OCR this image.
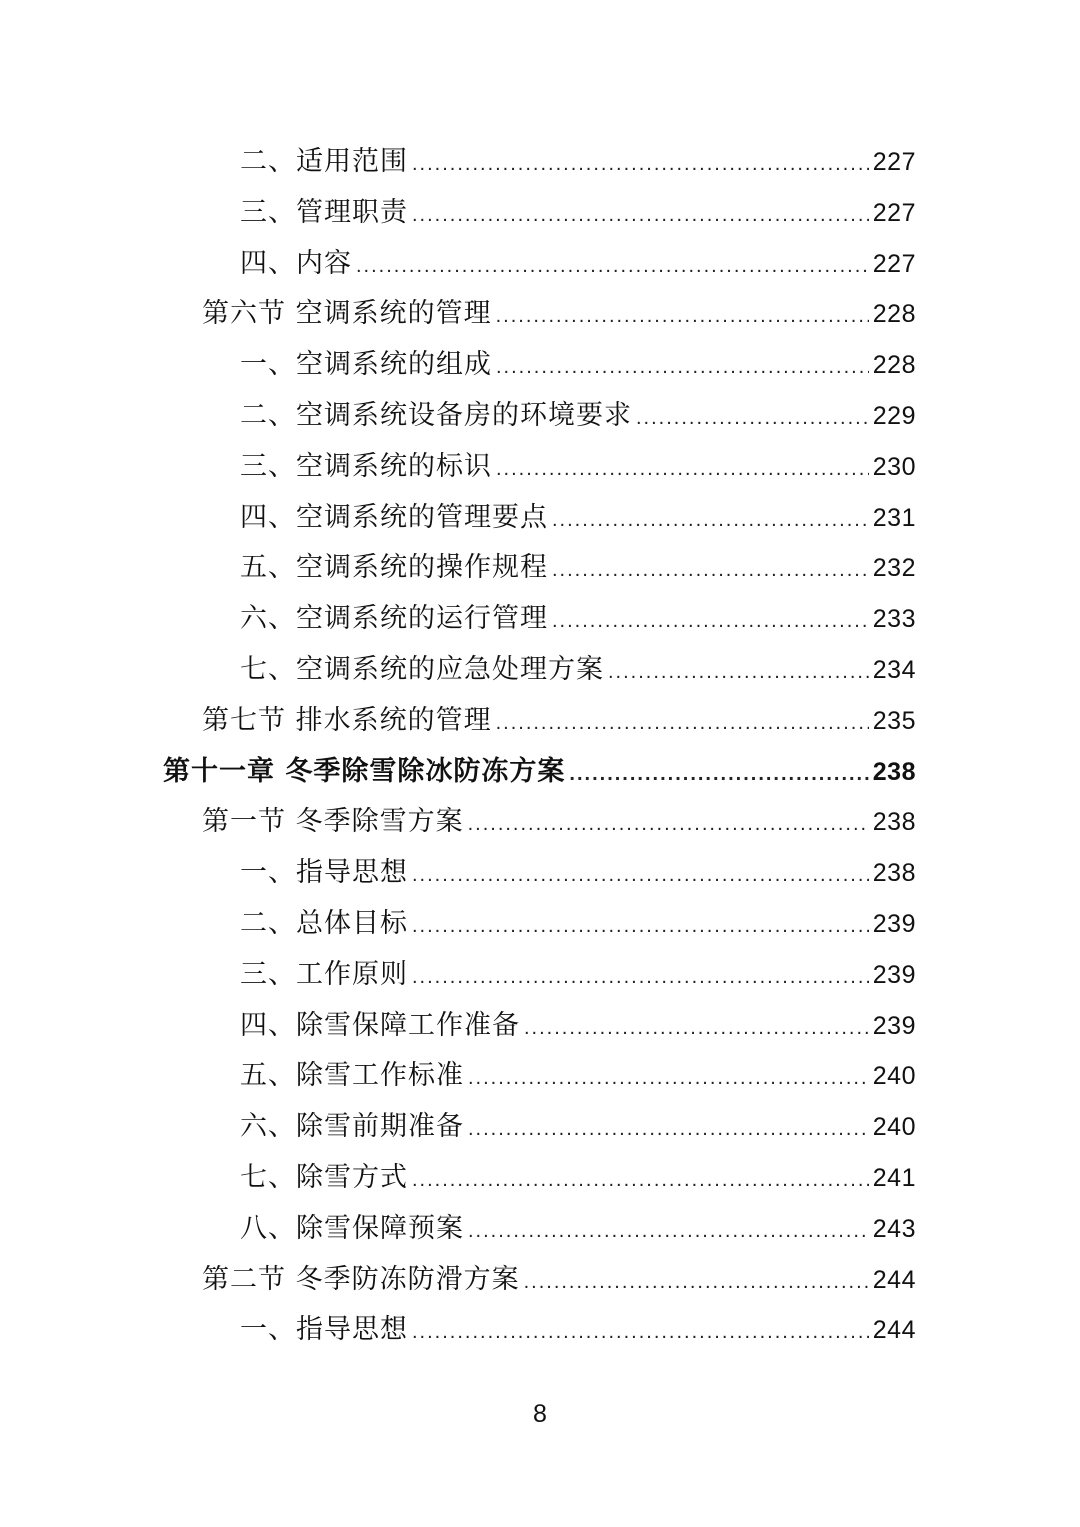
二、适用范围 .....	227
三、管理职责 .....	227
四、内容 .....	227
第六节 空调系统的管理 .....	228
一、空调系统的组成 .....	228
二、空调系统设备房的环境要求 .....	229
三、空调系统的标识 .....	230
四、空调系统的管理要点 .....	231
五、空调系统的操作规程 .....	232
六、空调系统的运行管理 .....	233
七、空调系统的应急处理方案 .....	234
第七节 排水系统的管理 .....	235
第十一章 冬季除雪除冰防冻方案 .....	238
第一节 冬季除雪方案 .....	238
一、指导思想 .....	238
二、总体目标 .....	239
三、工作原则 .....	239
四、除雪保障工作准备 .....	239
五、除雪工作标准 .....	240
六、除雪前期准备 .....	240
七、除雪方式 .....	241
八、除雪保障预案 .....	243
第二节 冬季防冻防滑方案 .....	244
一、指导思想 .....	244
8
